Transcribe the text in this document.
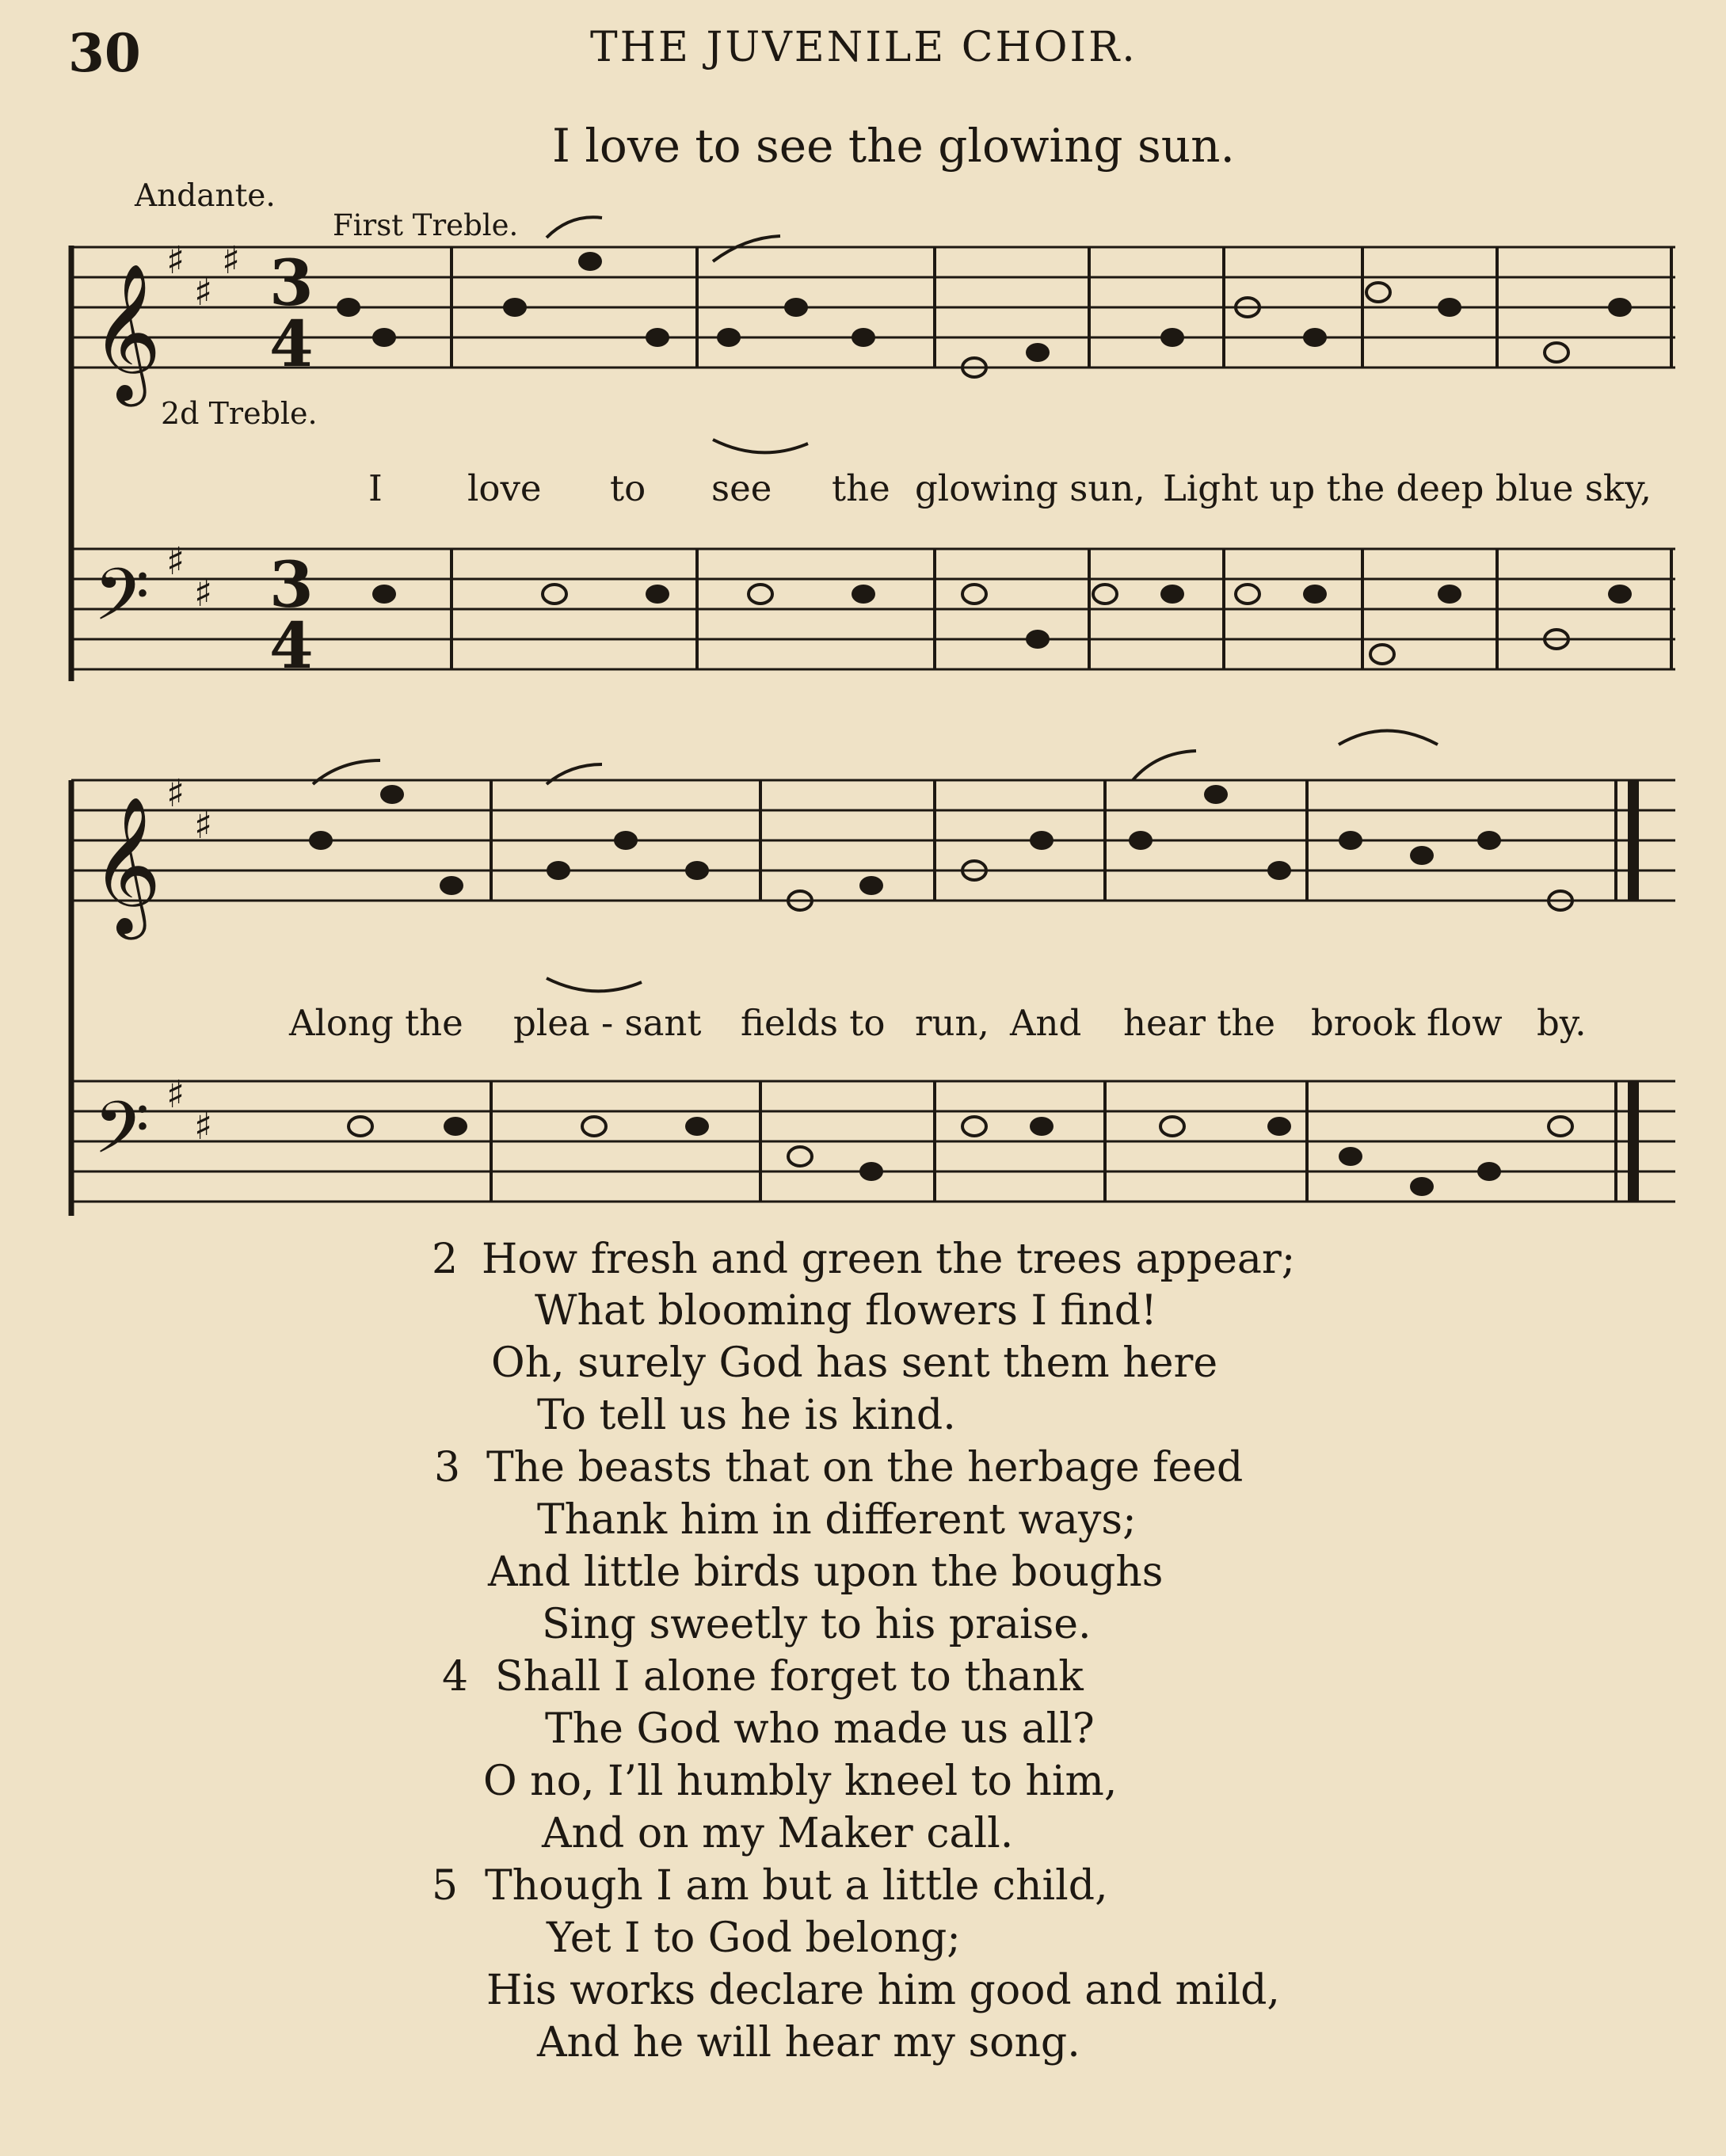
30	THE JUVENILE CHOIR.
I love to see the glowing sun.
Andante.
First Treble.
2d Treble.
𝄞
𝄞
𝄢
𝄢
♯
♯
♯
♯
♯
♯
♯
♯
♯
3
4
3
4
I love to see the glowing sun, Light up the deep blue sky,
Along the plea - sant fields to run, And hear the brook flow by.
2 How fresh and green the trees appear;
What blooming flowers I find!
Oh, surely God has sent them here
To tell us he is kind.
3 The beasts that on the herbage feed
Thank him in different ways;
And little birds upon the boughs
Sing sweetly to his praise.
4 Shall I alone forget to thank
The God who made us all?
O no, I’ll humbly kneel to him,
And on my Maker call.
5 Though I am but a little child,
Yet I to God belong;
His works declare him good and mild,
And he will hear my song.
